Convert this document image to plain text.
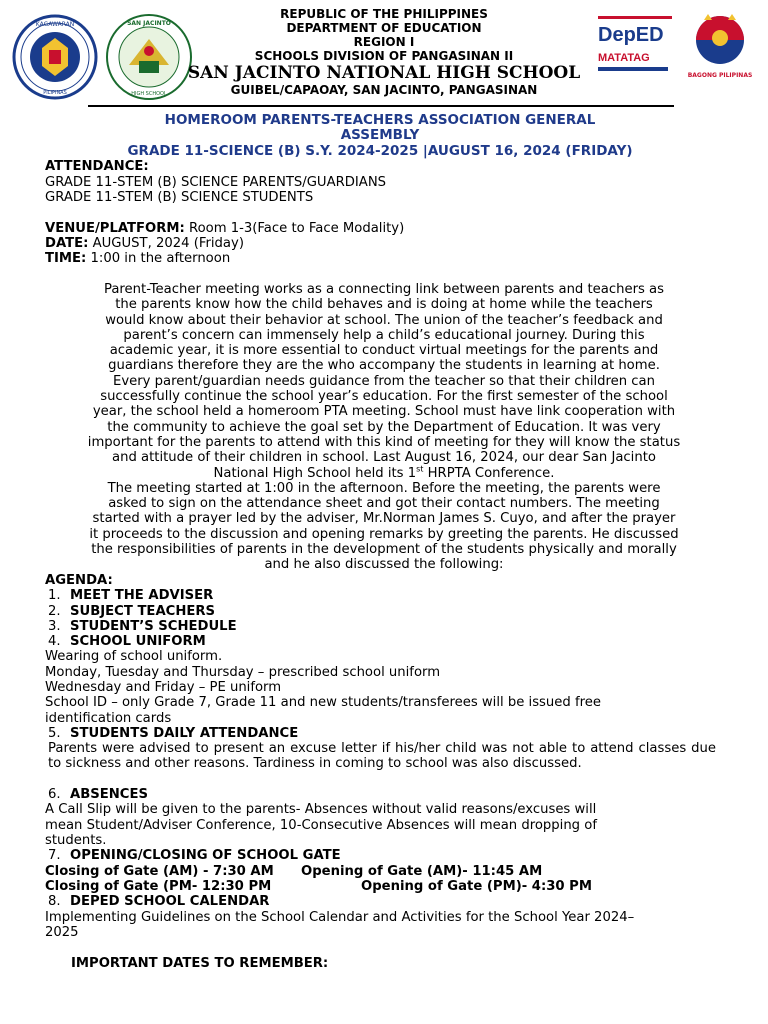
KAGAWARAN
PILIPINAS
SAN JACINTO
HIGH SCHOOL
DepED
MATATAG
BAGONG PILIPINAS
REPUBLIC OF THE PHILIPPINES
DEPARTMENT OF EDUCATION
REGION I
SCHOOLS DIVISION OF PANGASINAN II
SAN JACINTO NATIONAL HIGH SCHOOL
GUIBEL/CAPAOAY, SAN JACINTO, PANGASINAN
HOMEROOM PARENTS-TEACHERS ASSOCIATION GENERAL
ASSEMBLY
GRADE 11-SCIENCE (B) S.Y. 2024-2025 |AUGUST 16, 2024 (FRIDAY)
ATTENDANCE:
GRADE 11-STEM (B) SCIENCE PARENTS/GUARDIANS
GRADE 11-STEM (B) SCIENCE STUDENTS
VENUE/PLATFORM: Room 1-3(Face to Face Modality)
DATE: AUGUST, 2024 (Friday)
TIME: 1:00 in the afternoon

Parent-Teacher meeting works as a connecting link between parents and teachers as

the parents know how the child behaves and is doing at home while the teachers

would know about their behavior at school. The union of the teacher’s feedback and

parent’s concern can immensely help a child’s educational journey. During this

academic year, it is more essential to conduct virtual meetings for the parents and

guardians therefore they are the who accompany the students in learning at home.

Every parent/guardian needs guidance from the teacher so that their children can

successfully continue the school year’s education. For the first semester of the school

year, the school held a homeroom PTA meeting. School must have link cooperation with

the community to achieve the goal set by the Department of Education. It was very

important for the parents to attend with this kind of meeting for they will know the status

and attitude of their children in school. Last August 16, 2024, our dear San Jacinto

National High School held its 1st HRPTA Conference.

The meeting started at 1:00 in the afternoon. Before the meeting, the parents were

asked to sign on the attendance sheet and got their contact numbers. The meeting

started with a prayer led by the adviser, Mr.Norman James S. Cuyo, and after the prayer

it proceeds to the discussion and opening remarks by greeting the parents. He discussed

the responsibilities of parents in the development of the students physically and morally

and he also discussed the following:

AGENDA:
1. MEET THE ADVISER
2. SUBJECT TEACHERS
3. STUDENT’S SCHEDULE
4. SCHOOL UNIFORM
Wearing of school uniform.
Monday, Tuesday and Thursday – prescribed school uniform
Wednesday and Friday – PE uniform
School ID – only Grade 7, Grade 11 and new students/transferees will be issued free
identification cards
5. STUDENTS DAILY ATTENDANCE

Parents were advised to present an excuse letter if his/her child was not able to attend classes due to sickness and other reasons. Tardiness in coming to school was also discussed.

6. ABSENCES
A Call Slip will be given to the parents- Absences without valid reasons/excuses will
mean Student/Adviser Conference, 10-Consecutive Absences will mean dropping of
students.
7. OPENING/CLOSING OF SCHOOL GATE
Closing of Gate (AM) - 7:30 AM Opening of Gate (AM)- 11:45 AM
Closing of Gate (PM- 12:30 PM	Opening of Gate (PM)- 4:30 PM
8. DEPED SCHOOL CALENDAR
Implementing Guidelines on the School Calendar and Activities for the School Year 2024–
2025
IMPORTANT DATES TO REMEMBER:
